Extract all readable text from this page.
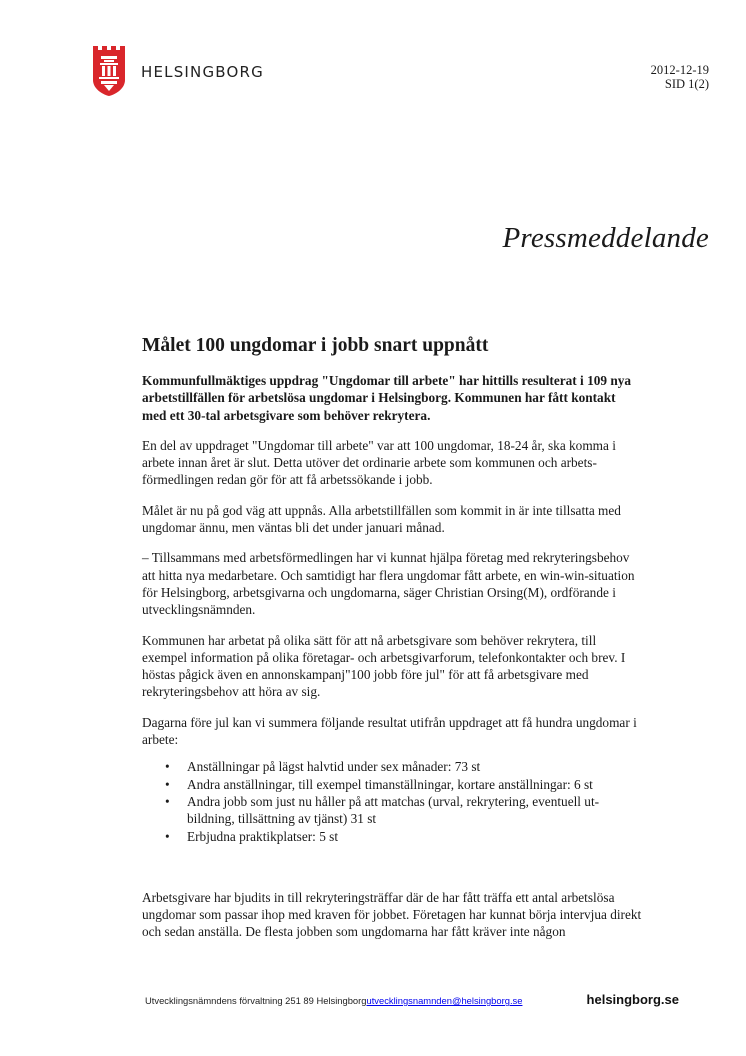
HELSINGBORG	2012-12-19
SID 1(2)
Pressmeddelande
Målet 100 ungdomar i jobb snart uppnått

Kommunfullmäktiges uppdrag "Ungdomar till arbete" har hittills resulterat i 109 nya arbetstillfällen för arbetslösa ungdomar i Helsingborg. Kommunen har fått kontakt med ett 30-tal arbetsgivare som behöver rekrytera.

En del av uppdraget "Ungdomar till arbete" var att 100 ungdomar, 18-24 år, ska komma i arbete innan året är slut. Detta utöver det ordinarie arbete som kommunen och arbetsförmedlingen redan gör för att få arbetssökande i jobb.

Målet är nu på god väg att uppnås. Alla arbetstillfällen som kommit in är inte tillsatta med ungdomar ännu, men väntas bli det under januari månad.

– Tillsammans med arbetsförmedlingen har vi kunnat hjälpa företag med rekryteringsbehov att hitta nya medarbetare. Och samtidigt har flera ungdomar fått arbete, en win-win-situation för Helsingborg, arbetsgivarna och ungdomarna, säger Christian Orsing(M), ordförande i utvecklingsnämnden.

Kommunen har arbetat på olika sätt för att nå arbetsgivare som behöver rekrytera, till exempel information på olika företagar- och arbetsgivarforum, telefonkontakter och brev. I höstas pågick även en annonskampanj"100 jobb före jul" för att få arbetsgivare med rekryteringsbehov att höra av sig.

Dagarna före jul kan vi summera följande resultat utifrån uppdraget att få hundra ungdomar i arbete:

• Anställningar på lägst halvtid under sex månader: 73 st
• Andra anställningar, till exempel timanställningar, kortare anställningar: 6 st
• Andra jobb som just nu håller på att matchas (urval, rekrytering, eventuell utbildning, tillsättning av tjänst) 31 st
• Erbjudna praktikplatser: 5 st

Arbetsgivare har bjudits in till rekryteringsträffar där de har fått träffa ett antal arbetslösa ungdomar som passar ihop med kraven för jobbet. Företagen har kunnat börja intervjua direkt och sedan anställa. De flesta jobben som ungdomarna har fått kräver inte någon

Utvecklingsnämndens förvaltning 251 89 Helsingborgutvecklingsnamnden@helsingborg.se	helsingborg.se
